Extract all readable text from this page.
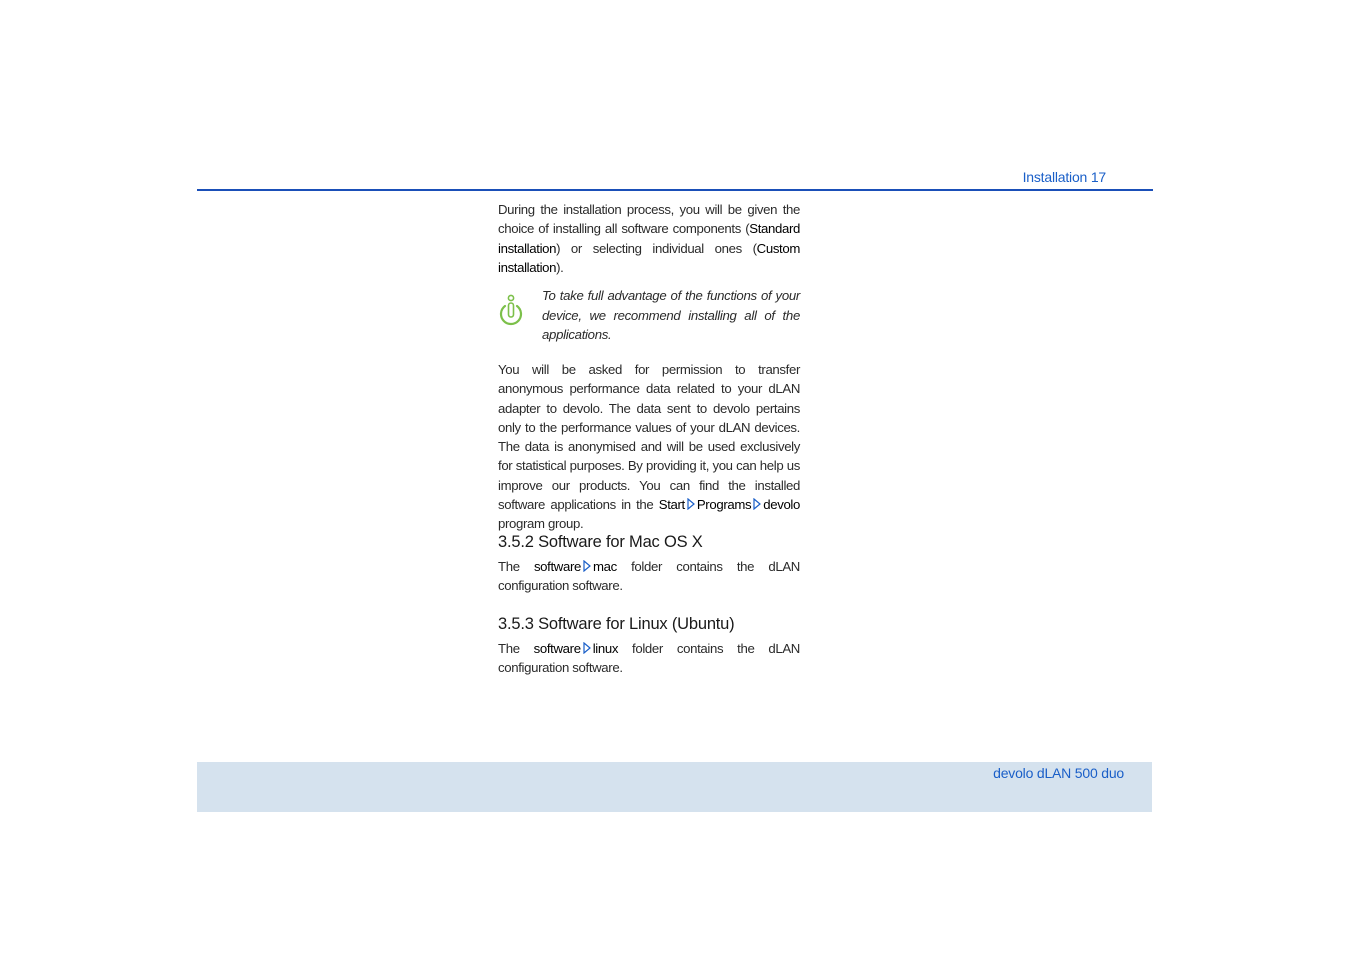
Installation 17

During the installation process, you will be given the choice of installing all software components (Standard installation) or selecting individual ones (Custom installation).

To take full advantage of the functions of your device, we recommend installing all of the applications.

You will be asked for permission to transfer anonymous performance data related to your dLAN adapter to devolo. The data sent to devolo pertains only to the performance values of your dLAN devices. The data is anonymised and will be used exclusively for statistical purposes. By providing it, you can help us improve our products. You can find the installed software applications in the Start Programs devolo program group.

3.5.2 Software for Mac OS X

The software mac folder contains the dLAN configuration software.

3.5.3 Software for Linux (Ubuntu)

The software linux folder contains the dLAN configuration software.

devolo dLAN 500 duo
